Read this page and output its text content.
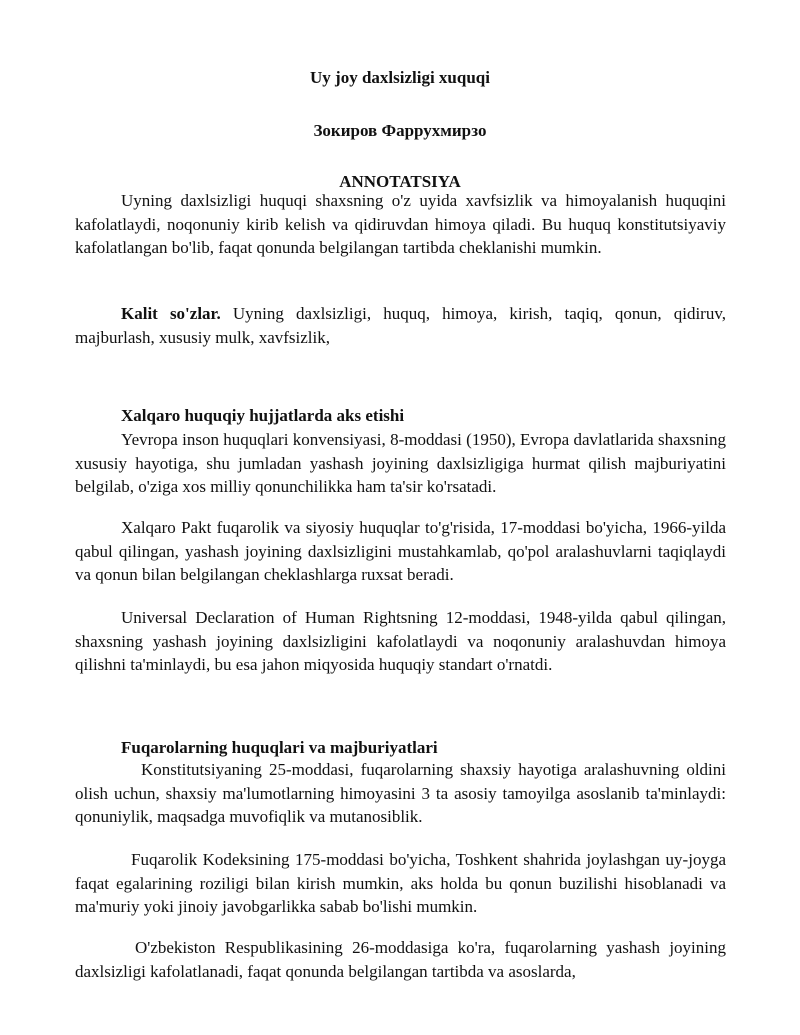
Uy joy daxlsizligi xuquqi
Зокиров Фаррухмирзо
ANNOTATSIYA

Uyning daxlsizligi huquqi shaxsning o'z uyida xavfsizlik va himoyalanish huquqini kafolatlaydi, noqonuniy kirib kelish va qidiruvdan himoya qiladi. Bu huquq konstitutsiyaviy kafolatlangan bo'lib, faqat qonunda belgilangan tartibda cheklanishi mumkin.

Kalit so'zlar. Uyning daxlsizligi, huquq, himoya, kirish, taqiq, qonun, qidiruv, majburlash, xususiy mulk, xavfsizlik,

Xalqaro huquqiy hujjatlarda aks etishi

Yevropa inson huquqlari konvensiyasi, 8-moddasi (1950), Evropa davlatlarida shaxsning xususiy hayotiga, shu jumladan yashash joyining daxlsizligiga hurmat qilish majburiyatini belgilab, o'ziga xos milliy qonunchilikka ham ta'sir ko'rsatadi.

Xalqaro Pakt fuqarolik va siyosiy huquqlar to'g'risida, 17-moddasi bo'yicha, 1966-yilda qabul qilingan, yashash joyining daxlsizligini mustahkamlab, qo'pol aralashuvlarni taqiqlaydi va qonun bilan belgilangan cheklashlarga ruxsat beradi.

Universal Declaration of Human Rightsning 12-moddasi, 1948-yilda qabul qilingan, shaxsning yashash joyining daxlsizligini kafolatlaydi va noqonuniy aralashuvdan himoya qilishni ta'minlaydi, bu esa jahon miqyosida huquqiy standart o'rnatdi.

Fuqarolarning huquqlari va majburiyatlari

Konstitutsiyaning 25-moddasi, fuqarolarning shaxsiy hayotiga aralashuvning oldini olish uchun, shaxsiy ma'lumotlarning himoyasini 3 ta asosiy tamoyilga asoslanib ta'minlaydi: qonuniylik, maqsadga muvofiqlik va mutanosiblik.

Fuqarolik Kodeksining 175-moddasi bo'yicha, Toshkent shahrida joylashgan uy-joyga faqat egalarining roziligi bilan kirish mumkin, aks holda bu qonun buzilishi hisoblanadi va ma'muriy yoki jinoiy javobgarlikka sabab bo'lishi mumkin.

O'zbekiston Respublikasining 26-moddasiga ko'ra, fuqarolarning yashash joyining daxlsizligi kafolatlanadi, faqat qonunda belgilangan tartibda va asoslarda,
